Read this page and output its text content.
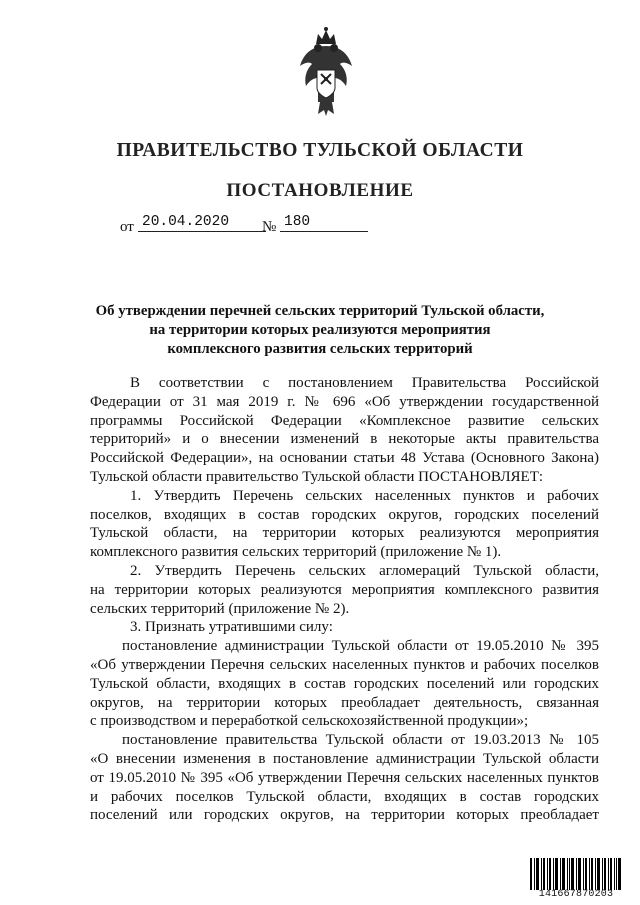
ПРАВИТЕЛЬСТВО ТУЛЬСКОЙ ОБЛАСТИ
ПОСТАНОВЛЕНИЕ
от 20.04.2020	№ 180
Об утверждении перечней сельских территорий Тульской области,
на территории которых реализуются мероприятия
комплексного развития сельских территорий
В соответствии с постановлением Правительства Российской
Федерации от 31 мая 2019 г. № 696 «Об утверждении государственной
программы Российской Федерации «Комплексное развитие сельских
территорий» и о внесении изменений в некоторые акты правительства
Российской Федерации», на основании статьи 48 Устава (Основного Закона)
Тульской области правительство Тульской области ПОСТАНОВЛЯЕТ:
1. Утвердить Перечень сельских населенных пунктов и рабочих
поселков, входящих в состав городских округов, городских поселений
Тульской области, на территории которых реализуются мероприятия
комплексного развития сельских территорий (приложение № 1).
2. Утвердить Перечень сельских агломераций Тульской области,
на территории которых реализуются мероприятия комплексного развития
сельских территорий (приложение № 2).
3. Признать утратившими силу:
постановление администрации Тульской области от 19.05.2010 № 395
«Об утверждении Перечня сельских населенных пунктов и рабочих поселков
Тульской области, входящих в состав городских поселений или городских
округов, на территории которых преобладает деятельность, связанная
с производством и переработкой сельскохозяйственной продукции»;
постановление правительства Тульской области от 19.03.2013 № 105
«О внесении изменения в постановление администрации Тульской области
от 19.05.2010 № 395 «Об утверждении Перечня сельских населенных пунктов
и рабочих поселков Тульской области, входящих в состав городских
поселений или городских округов, на территории которых преобладает
141667870203
